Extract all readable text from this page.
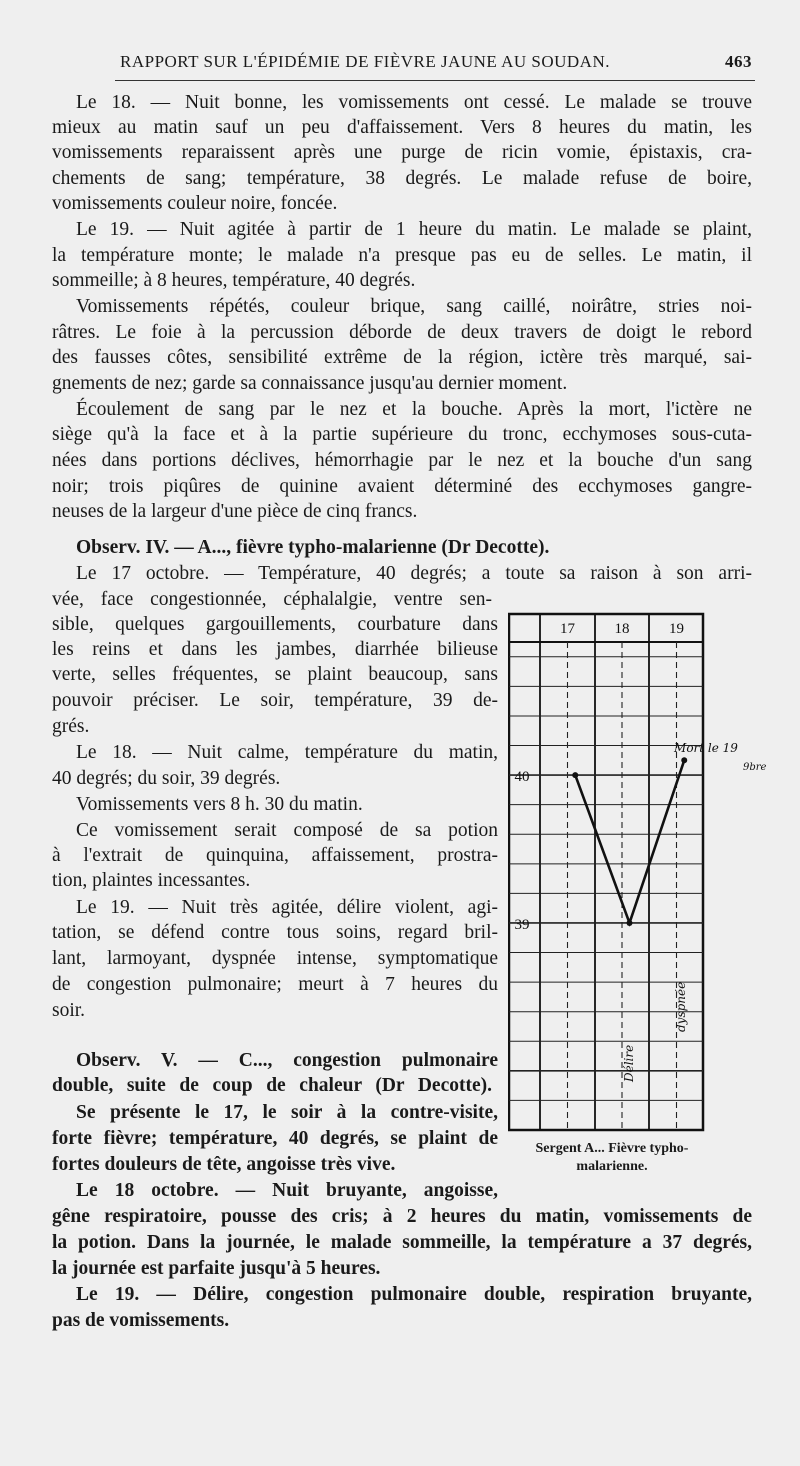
RAPPORT SUR L'ÉPIDÉMIE DE FIÈVRE JAUNE AU SOUDAN.	463
Le 18. — Nuit bonne, les vomissements ont cessé. Le malade se trouve
mieux au matin sauf un peu d'affaissement. Vers 8 heures du matin, les
vomissements reparaissent après une purge de ricin vomie, épistaxis, cra-
chements de sang; température, 38 degrés. Le malade refuse de boire,
vomissements couleur noire, foncée.
Le 19. — Nuit agitée à partir de 1 heure du matin. Le malade se plaint,
la température monte; le malade n'a presque pas eu de selles. Le matin, il
sommeille; à 8 heures, température, 40 degrés.
Vomissements répétés, couleur brique, sang caillé, noirâtre, stries noi-
râtres. Le foie à la percussion déborde de deux travers de doigt le rebord
des fausses côtes, sensibilité extrême de la région, ictère très marqué, sai-
gnements de nez; garde sa connaissance jusqu'au dernier moment.
Écoulement de sang par le nez et la bouche. Après la mort, l'ictère ne
siège qu'à la face et à la partie supérieure du tronc, ecchymoses sous-cuta-
nées dans portions déclives, hémorrhagie par le nez et la bouche d'un sang
noir; trois piqûres de quinine avaient déterminé des ecchymoses gangre-
neuses de la largeur d'une pièce de cinq francs.
Observ. IV. — A..., fièvre typho-malarienne (Dr Decotte).
Le 17 octobre. — Température, 40 degrés; a toute sa raison à son arri-
vée, face congestionnée, céphalalgie, ventre sen-
sible, quelques gargouillements, courbature dans
les reins et dans les jambes, diarrhée bilieuse
verte, selles fréquentes, se plaint beaucoup, sans
pouvoir préciser. Le soir, température, 39 de-
grés.
Le 18. — Nuit calme, température du matin,
40 degrés; du soir, 39 degrés.
Vomissements vers 8 h. 30 du matin.
Ce vomissement serait composé de sa potion
à l'extrait de quinquina, affaissement, prostra-
tion, plaintes incessantes.
Le 19. — Nuit très agitée, délire violent, agi-
tation, se défend contre tous soins, regard bril-
lant, larmoyant, dyspnée intense, symptomatique
de congestion pulmonaire; meurt à 7 heures du
soir.
Observ. V. — C..., congestion pulmonaire
double, suite de coup de chaleur (Dr Decotte).
Se présente le 17, le soir à la contre-visite,
forte fièvre; température, 40 degrés, se plaint de
fortes douleurs de tête, angoisse très vive.
Le 18 octobre. — Nuit bruyante, angoisse,
gêne respiratoire, pousse des cris; à 2 heures du matin, vomissements de
la potion. Dans la journée, le malade sommeille, la température a 37 degrés,
la journée est parfaite jusqu'à 5 heures.
Le 19. — Délire, congestion pulmonaire double, respiration bruyante,
pas de vomissements.
17	18	19
40
39
Mort le 19
9bre
Délire
dyspnée
Sergent A... Fièvre typho-
malarienne.
